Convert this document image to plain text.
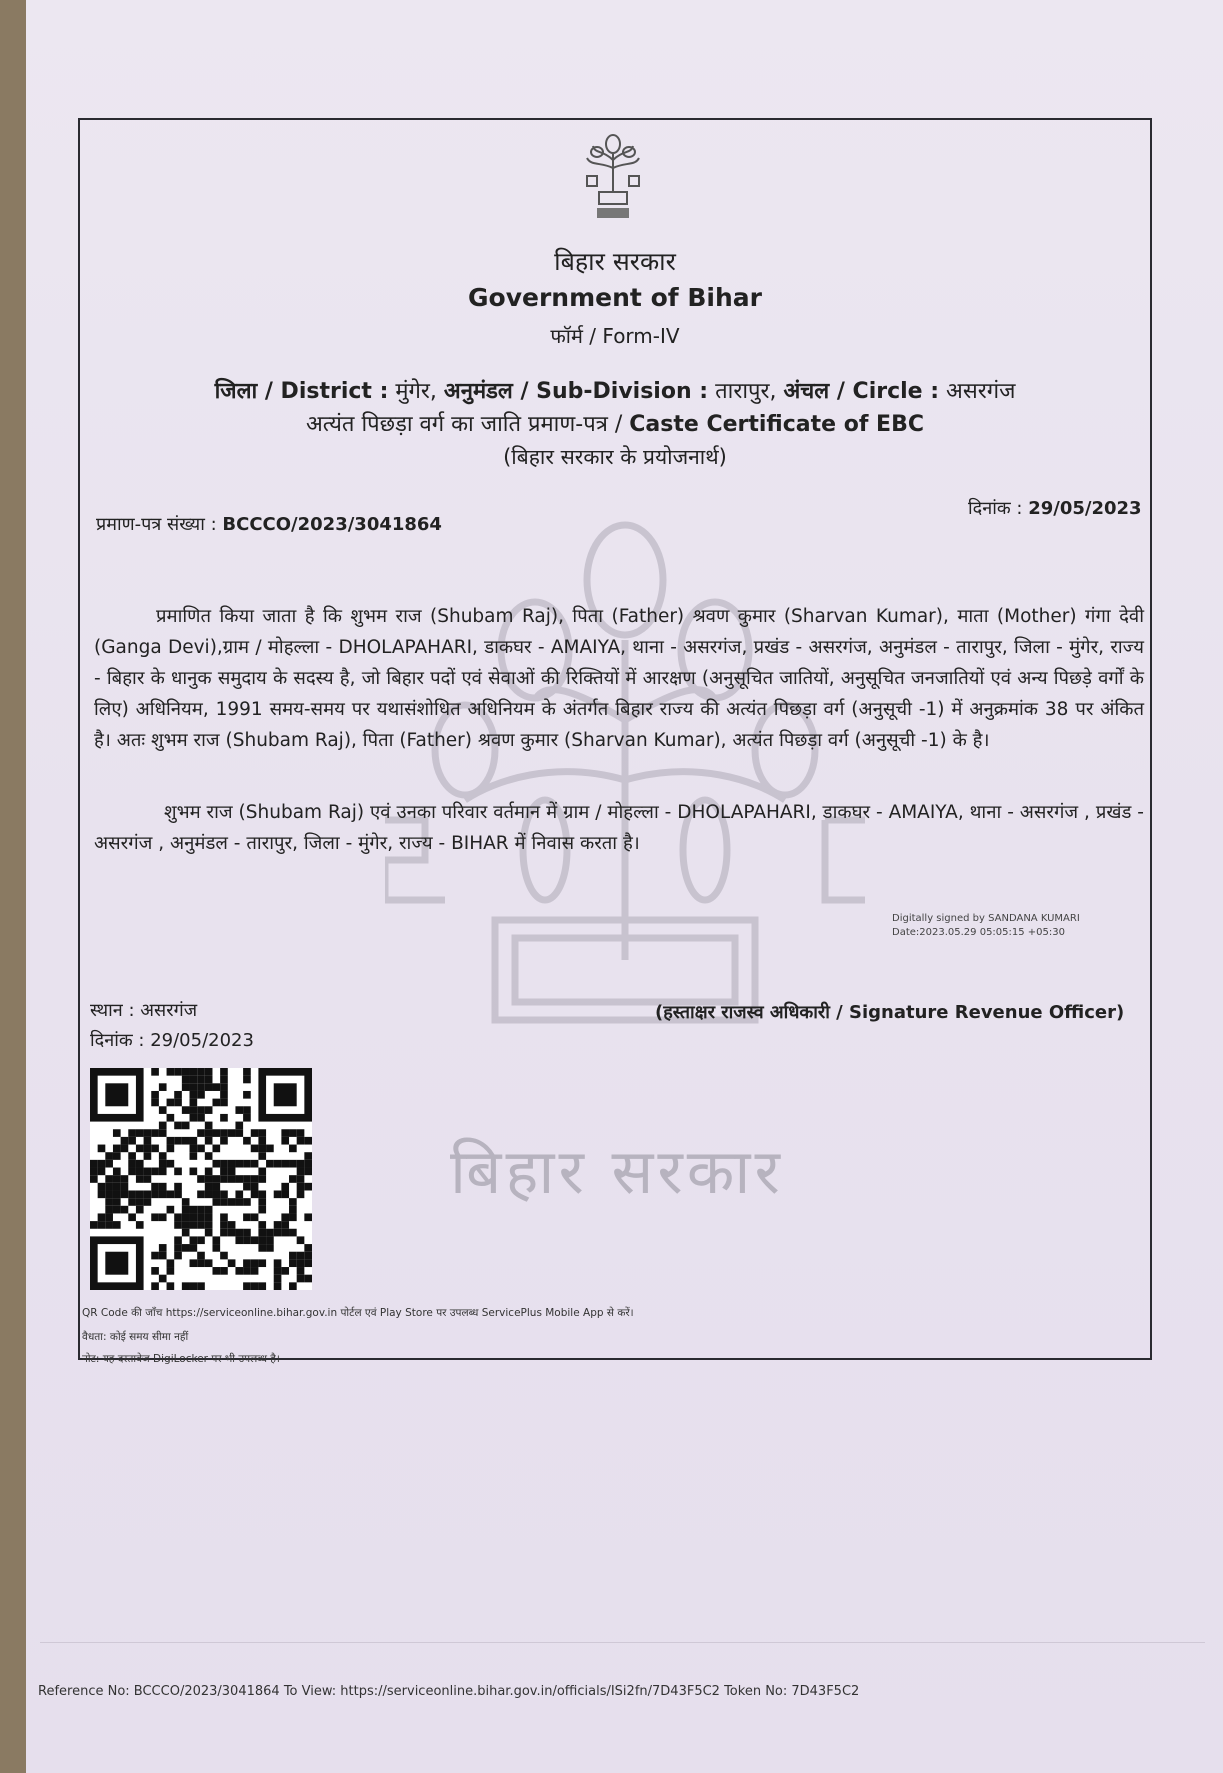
बिहार सरकार
बिहार सरकार
Government of Bihar
फॉर्म / Form-IV
जिला / District : मुंगेर, अनुमंडल / Sub-Division : तारापुर, अंचल / Circle : असरगंज
अत्यंत पिछड़ा वर्ग का जाति प्रमाण-पत्र / Caste Certificate of EBC
(बिहार सरकार के प्रयोजनार्थ)
प्रमाण-पत्र संख्या : BCCCO/2023/3041864
दिनांक : 29/05/2023
प्रमाणित किया जाता है कि शुभम राज (Shubam Raj), पिता (Father) श्रवण कुमार (Sharvan Kumar), माता (Mother) गंगा देवी (Ganga Devi),ग्राम / मोहल्ला - DHOLAPAHARI, डाकघर - AMAIYA, थाना - असरगंज, प्रखंड - असरगंज, अनुमंडल - तारापुर, जिला - मुंगेर, राज्य - बिहार के धानुक समुदाय के सदस्य है, जो बिहार पदों एवं सेवाओं की रिक्तियों में आरक्षण (अनुसूचित जातियों, अनुसूचित जनजातियों एवं अन्य पिछड़े वर्गों के लिए) अधिनियम, 1991 समय-समय पर यथासंशोधित अधिनियम के अंतर्गत बिहार राज्य की अत्यंत पिछड़ा वर्ग (अनुसूची -1) में अनुक्रमांक 38 पर अंकित है। अतः शुभम राज (Shubam Raj), पिता (Father) श्रवण कुमार (Sharvan Kumar), अत्यंत पिछड़ा वर्ग (अनुसूची -1) के है।
शुभम राज (Shubam Raj) एवं उनका परिवार वर्तमान में ग्राम / मोहल्ला - DHOLAPAHARI, डाकघर - AMAIYA, थाना - असरगंज , प्रखंड - असरगंज , अनुमंडल - तारापुर, जिला - मुंगेर, राज्य - BIHAR में निवास करता है।
Digitally signed by SANDANA KUMARI
Date:2023.05.29 05:05:15 +05:30
स्थान : असरगंज
दिनांक : 29/05/2023
(हस्ताक्षर राजस्व अधिकारी / Signature Revenue Officer)
QR Code की जाँच https://serviceonline.bihar.gov.in पोर्टल एवं Play Store पर उपलब्ध ServicePlus Mobile App से करें।
वैधता: कोई समय सीमा नहीं
नोट: यह दस्तावेज DigiLocker पर भी उपलब्ध है।
Reference No: BCCCO/2023/3041864 To View: https://serviceonline.bihar.gov.in/officials/ISi2fn/7D43F5C2 Token No: 7D43F5C2
